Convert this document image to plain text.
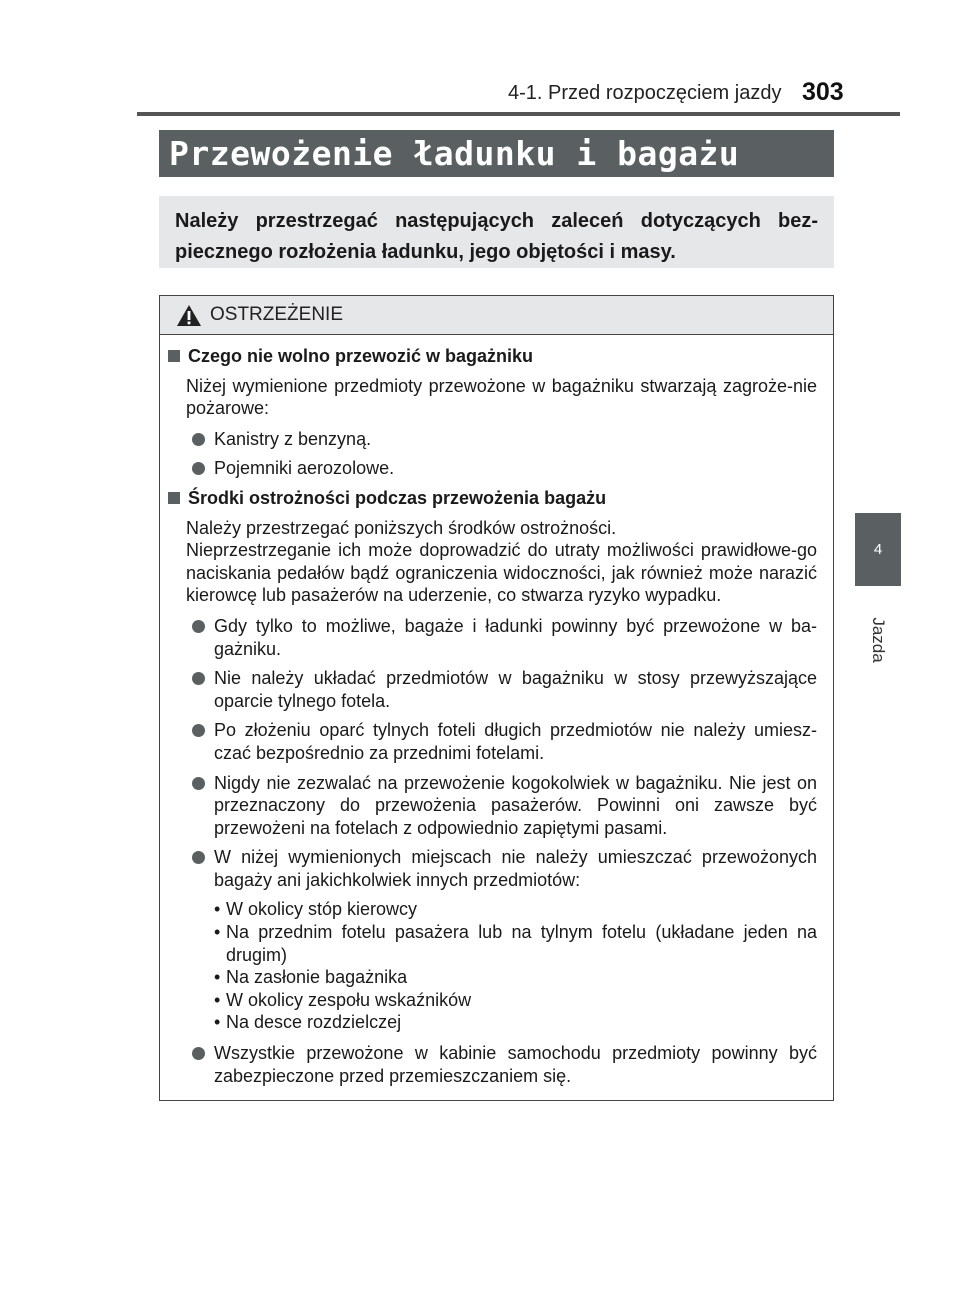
4-1. Przed rozpoczęciem jazdy 303
4
Jazda
Przewożenie ładunku i bagażu
Należy przestrzegać następujących zaleceń dotyczących bez-piecznego rozłożenia ładunku, jego objętości i masy.
OSTRZEŻENIE
Czego nie wolno przewozić w bagażniku
Niżej wymienione przedmioty przewożone w bagażniku stwarzają zagroże-nie pożarowe:
Kanistry z benzyną.
Pojemniki aerozolowe.
Środki ostrożności podczas przewożenia bagażu
Należy przestrzegać poniższych środków ostrożności.
Nieprzestrzeganie ich może doprowadzić do utraty możliwości prawidłowe-go naciskania pedałów bądź ograniczenia widoczności, jak również może narazić kierowcę lub pasażerów na uderzenie, co stwarza ryzyko wypadku.
Gdy tylko to możliwe, bagaże i ładunki powinny być przewożone w ba-gażniku.
Nie należy układać przedmiotów w bagażniku w stosy przewyższające oparcie tylnego fotela.
Po złożeniu oparć tylnych foteli długich przedmiotów nie należy umiesz-czać bezpośrednio za przednimi fotelami.
Nigdy nie zezwalać na przewożenie kogokolwiek w bagażniku. Nie jest on przeznaczony do przewożenia pasażerów. Powinni oni zawsze być przewożeni na fotelach z odpowiednio zapiętymi pasami.
W niżej wymienionych miejscach nie należy umieszczać przewożonych bagaży ani jakichkolwiek innych przedmiotów:
• W okolicy stóp kierowcy
• Na przednim fotelu pasażera lub na tylnym fotelu (układane jeden na drugim)
• Na zasłonie bagażnika
• W okolicy zespołu wskaźników
• Na desce rozdzielczej
Wszystkie przewożone w kabinie samochodu przedmioty powinny być zabezpieczone przed przemieszczaniem się.
